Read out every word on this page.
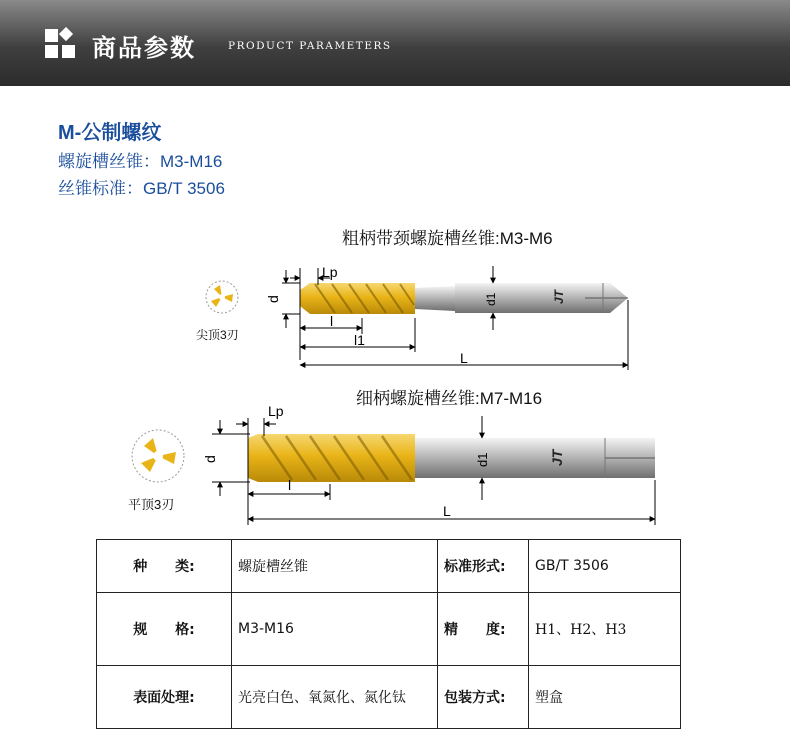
商品参数	PRODUCT PARAMETERS
M-公制螺纹
螺旋槽丝锥：M3-M16
丝锥标准：GB/T 3506
粗柄带颈螺旋槽丝锥:M3-M6
尖顶3刃
JT
Lp
d
l
l1
L
d1
细柄螺旋槽丝锥:M7-M16
平顶3刃
JT
Lp
d
l
L
d1
种　　类:	螺旋槽丝锥	标准形式:	GB/T 3506
规　　格:	M3-M16	精　　度:	H1、H2、H3
表面处理:	光亮白色、氧氮化、氮化钛	包装方式:	塑盒
